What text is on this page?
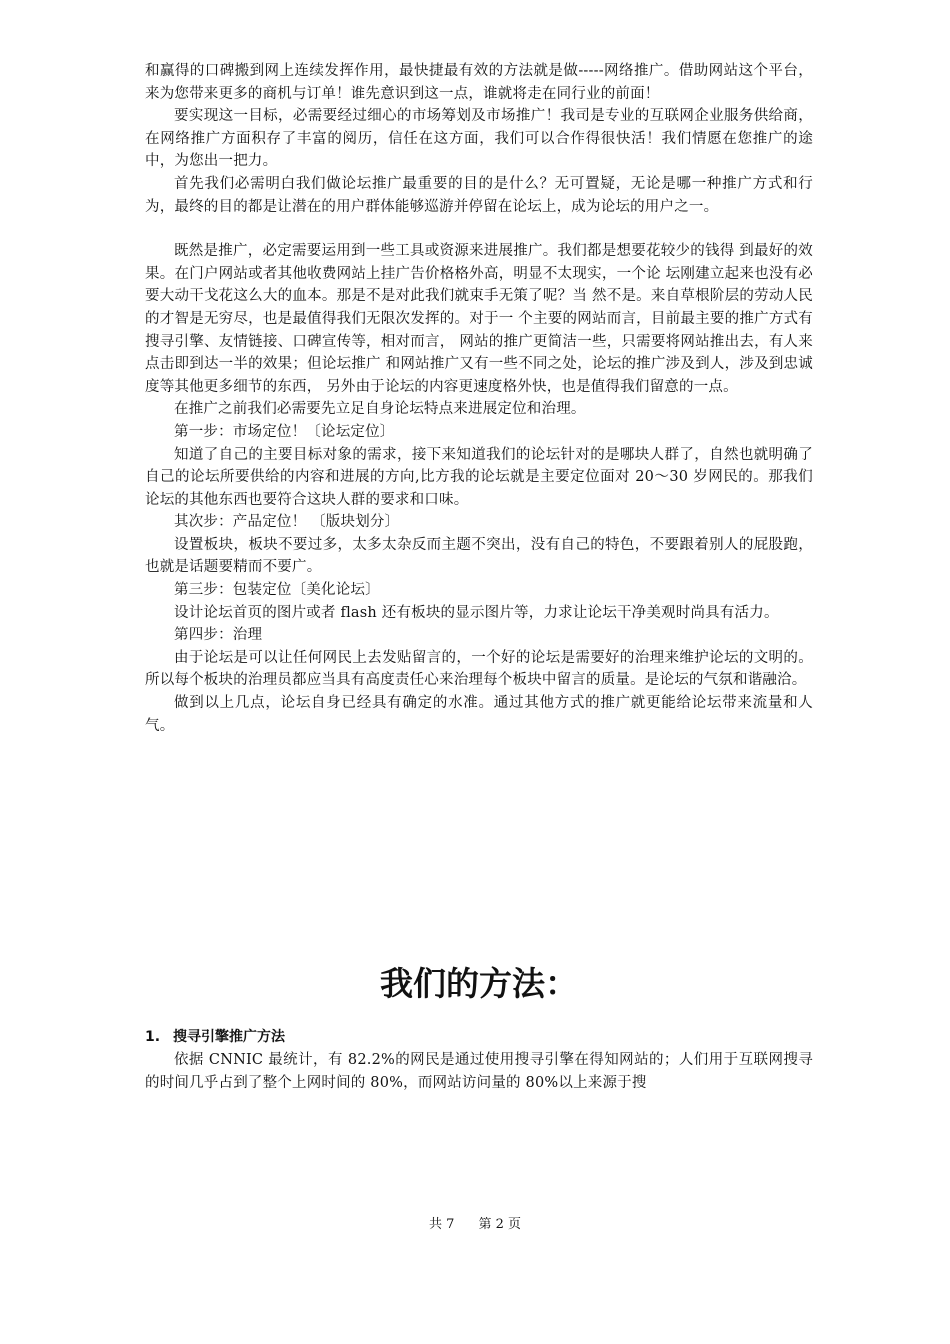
和赢得的口碑搬到网上连续发挥作用，最快捷最有效的方法就是做-----网络推广。借助网站这个平台，来为您带来更多的商机与订单！谁先意识到这一点，谁就将走在同行业的前面！

要实现这一目标，必需要经过细心的市场筹划及市场推广！我司是专业的互联网企业服务供给商，在网络推广方面积存了丰富的阅历，信任在这方面，我们可以合作得很快活！我们情愿在您推广的途中，为您出一把力。

首先我们必需明白我们做论坛推广最重要的目的是什么？无可置疑，无论是哪一种推广方式和行为，最终的目的都是让潜在的用户群体能够巡游并停留在论坛上，成为论坛的用户之一。

既然是推广，必定需要运用到一些工具或资源来进展推广。我们都是想要花较少的钱得 到最好的效果。在门户网站或者其他收费网站上挂广告价格格外高，明显不太现实，一个论 坛刚建立起来也没有必要大动干戈花这么大的血本。那是不是对此我们就束手无策了呢？当 然不是。来自草根阶层的劳动人民的才智是无穷尽，也是最值得我们无限次发挥的。对于一 个主要的网站而言，目前最主要的推广方式有搜寻引擎、友情链接、口碑宣传等，相对而言， 网站的推广更简洁一些，只需要将网站推出去，有人来点击即到达一半的效果；但论坛推广 和网站推广又有一些不同之处，论坛的推广涉及到人，涉及到忠诚度等其他更多细节的东西， 另外由于论坛的内容更速度格外快，也是值得我们留意的一点。

在推广之前我们必需要先立足自身论坛特点来进展定位和治理。

第一步：市场定位！〔论坛定位〕

知道了自己的主要目标对象的需求，接下来知道我们的论坛针对的是哪块人群了，自然也就明确了自己的论坛所要供给的内容和进展的方向,比方我的论坛就是主要定位面对 20～30 岁网民的。那我们论坛的其他东西也要符合这块人群的要求和口味。

其次步：产品定位！ 〔版块划分〕

设置板块，板块不要过多，太多太杂反而主题不突出，没有自己的特色，不要跟着别人的屁股跑，也就是话题要精而不要广。

第三步：包装定位〔美化论坛〕

设计论坛首页的图片或者 flash 还有板块的显示图片等，力求让论坛干净美观时尚具有活力。

第四步：治理

由于论坛是可以让任何网民上去发贴留言的，一个好的论坛是需要好的治理来维护论坛的文明的。所以每个板块的治理员都应当具有高度责任心来治理每个板块中留言的质量。是论坛的气氛和谐融洽。

做到以上几点，论坛自身已经具有确定的水准。通过其他方式的推广就更能给论坛带来流量和人气。

我们的方法：
1. 搜寻引擎推广方法

依据 CNNIC 最统计，有 82.2%的网民是通过使用搜寻引擎在得知网站的；人们用于互联网搜寻的时间几乎占到了整个上网时间的 80%，而网站访问量的 80%以上来源于搜

共 7 第 2 页
